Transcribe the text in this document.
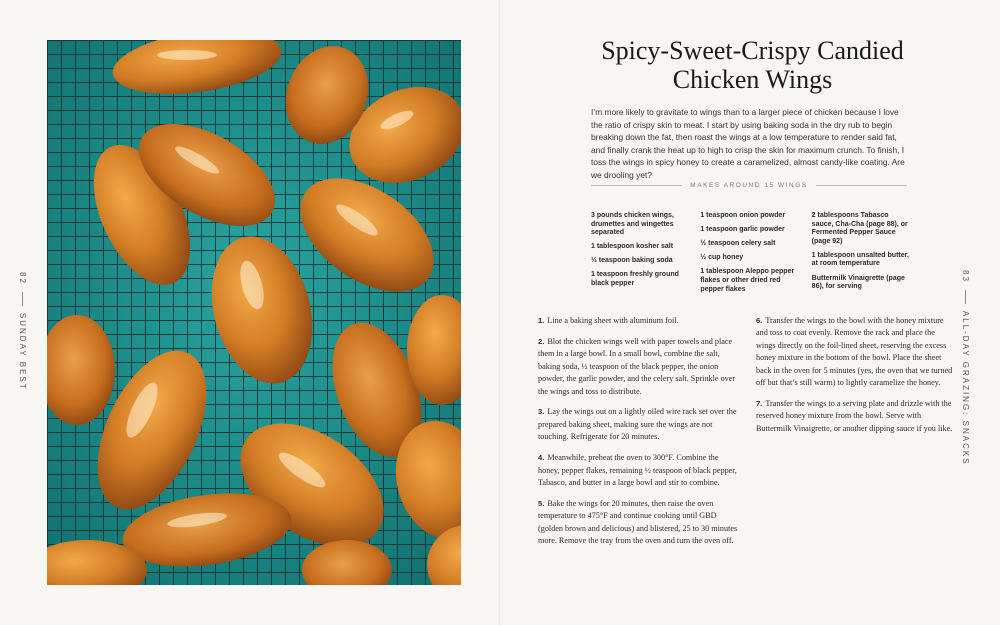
82
SUNDAY BEST
Spicy-Sweet-Crispy Candied
Chicken Wings

I’m more likely to gravitate to wings than to a larger piece of chicken because I love the ratio of crispy skin to meat. I start by using baking soda in the dry rub to begin breaking down the fat, then roast the wings at a low temperature to render said fat, and finally crank the heat up to high to crisp the skin for maximum crunch. To finish, I toss the wings in spicy honey to create a caramelized, almost candy-like coating. Are we drooling yet?

MAKES AROUND 15 WINGS

3 pounds chicken wings, drumettes and wingettes separated

1 tablespoon kosher salt

½ teaspoon baking soda

1 teaspoon freshly ground black pepper

1 teaspoon onion powder

1 teaspoon garlic powder

½ teaspoon celery salt

½ cup honey

1 tablespoon Aleppo pepper flakes or other dried red pepper flakes

2 tablespoons Tabasco sauce, Cha-Cha (page 88), or Fermented Pepper Sauce (page 92)

1 tablespoon unsalted butter, at room temperature

Buttermilk Vinaigrette (page 86), for serving

1. Line a baking sheet with aluminum foil.

2. Blot the chicken wings well with paper towels and place them in a large bowl. In a small bowl, combine the salt, baking soda, ½ teaspoon of the black pepper, the onion powder, the garlic powder, and the celery salt. Sprinkle over the wings and toss to distribute.

3. Lay the wings out on a lightly oiled wire rack set over the prepared baking sheet, making sure the wings are not touching. Refrigerate for 20 minutes.

4. Meanwhile, preheat the oven to 300°F. Combine the honey, pepper flakes, remaining ½ teaspoon of black pepper, Tabasco, and butter in a large bowl and stir to combine.

5. Bake the wings for 20 minutes, then raise the oven temperature to 475°F and continue cooking until GBD (golden brown and delicious) and blistered, 25 to 30 minutes more. Remove the tray from the oven and turn the oven off.

6. Transfer the wings to the bowl with the honey mixture and toss to coat evenly. Remove the rack and place the wings directly on the foil-lined sheet, reserving the excess honey mixture in the bottom of the bowl. Place the sheet back in the oven for 5 minutes (yes, the oven that we turned off but that’s still warm) to lightly caramelize the honey.

7. Transfer the wings to a serving plate and drizzle with the reserved honey mixture from the bowl. Serve with Buttermilk Vinaigrette, or another dipping sauce if you like.

83
ALL-DAY GRAZING: SNACKS
